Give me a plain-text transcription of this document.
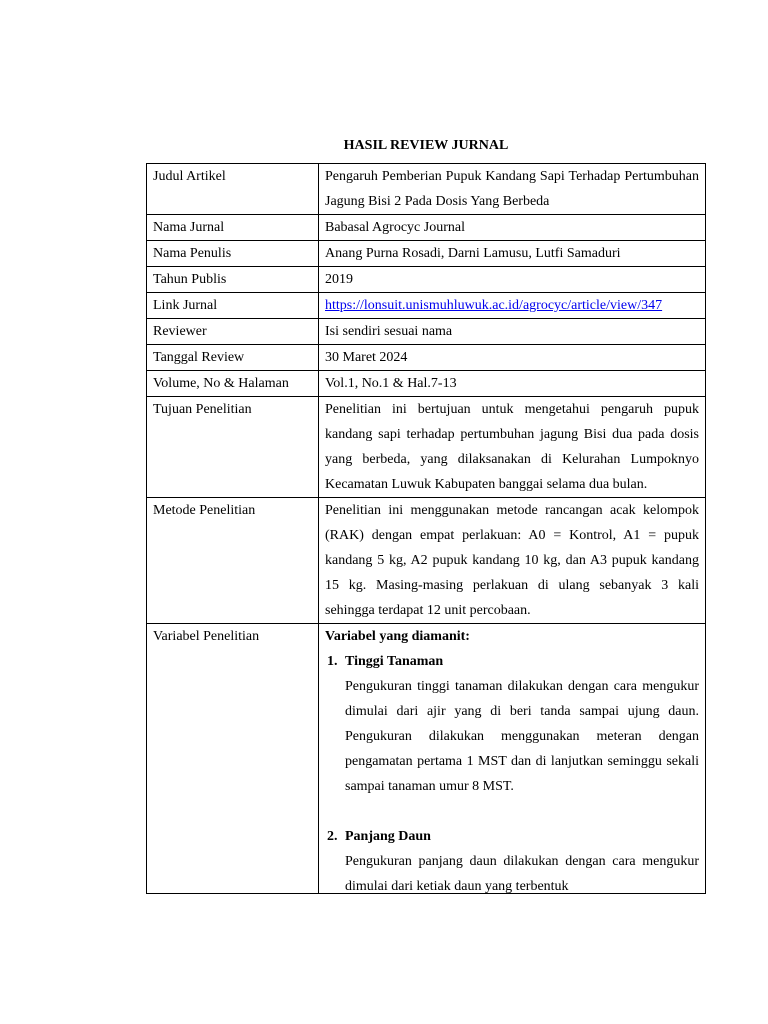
HASIL REVIEW JURNAL
Judul Artikel	Pengaruh Pemberian Pupuk Kandang Sapi Terhadap Pertumbuhan Jagung Bisi 2 Pada Dosis Yang Berbeda
Nama Jurnal	Babasal Agrocyc Journal
Nama Penulis	Anang Purna Rosadi, Darni Lamusu, Lutfi Samaduri
Tahun Publis	2019
Link Jurnal	https://lonsuit.unismuhluwuk.ac.id/agrocyc/article/view/347
Reviewer	Isi sendiri sesuai nama
Tanggal Review	30 Maret 2024
Volume, No & Halaman	Vol.1, No.1 & Hal.7-13
Tujuan Penelitian	Penelitian ini bertujuan untuk mengetahui pengaruh pupuk kandang sapi terhadap pertumbuhan jagung Bisi dua pada dosis yang berbeda, yang dilaksanakan di Kelurahan Lumpoknyo Kecamatan Luwuk Kabupaten banggai selama dua bulan.
Metode Penelitian	Penelitian ini menggunakan metode rancangan acak kelompok (RAK) dengan empat perlakuan: A0 = Kontrol, A1 = pupuk kandang 5 kg, A2 pupuk kandang 10 kg, dan A3 pupuk kandang 15 kg. Masing-masing perlakuan di ulang sebanyak 3 kali sehingga terdapat 12 unit percobaan.
Variabel Penelitian	Variabel yang diamanit:
1. Tinggi Tanaman
Pengukuran tinggi tanaman dilakukan dengan cara mengukur dimulai dari ajir yang di beri tanda sampai ujung daun. Pengukuran dilakukan menggunakan meteran dengan pengamatan pertama 1 MST dan di lanjutkan seminggu sekali sampai tanaman umur 8 MST.
2. Panjang Daun
Pengukuran panjang daun dilakukan dengan cara mengukur dimulai dari ketiak daun yang terbentuk
